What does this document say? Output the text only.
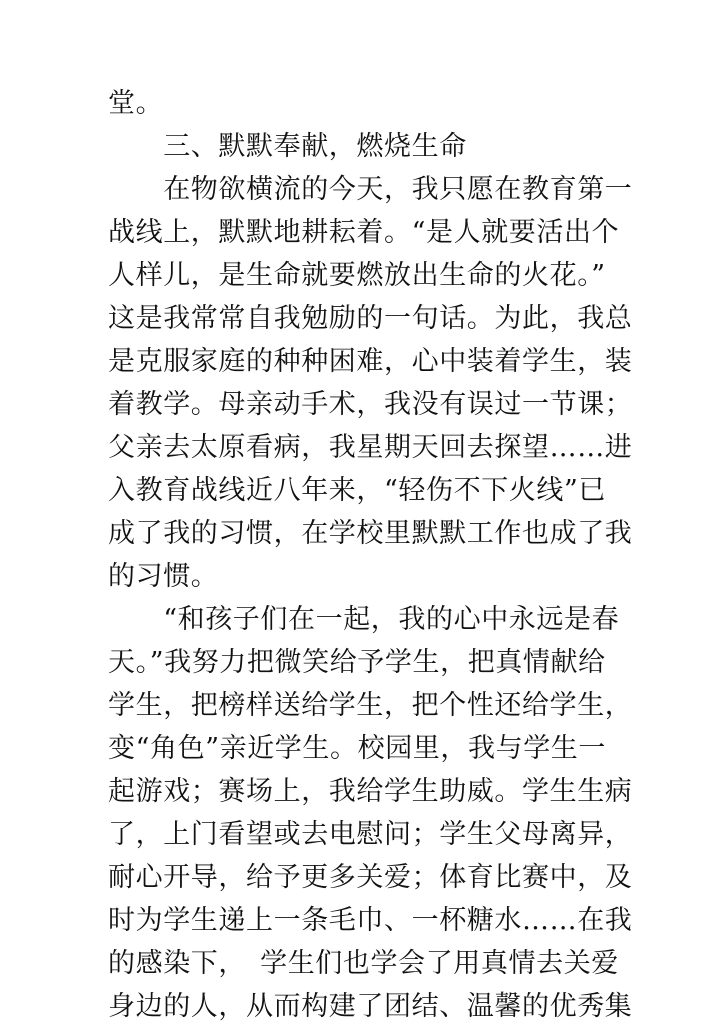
堂。
　　三、默默奉献，燃烧生命
　　在物欲横流的今天，我只愿在教育第一
战线上，默默地耕耘着。“是人就要活出个
人样儿，是生命就要燃放出生命的火花。”
这是我常常自我勉励的一句话。为此，我总
是克服家庭的种种困难，心中装着学生，装
着教学。母亲动手术，我没有误过一节课；
父亲去太原看病，我星期天回去探望……进
入教育战线近八年来，“轻伤不下火线”已
成了我的习惯，在学校里默默工作也成了我
的习惯。
　　“和孩子们在一起，我的心中永远是春
天。”我努力把微笑给予学生，把真情献给
学生，把榜样送给学生，把个性还给学生，
变“角色”亲近学生。校园里，我与学生一
起游戏；赛场上，我给学生助威。学生生病
了，上门看望或去电慰问；学生父母离异，
耐心开导，给予更多关爱；体育比赛中，及
时为学生递上一条毛巾、一杯糖水……在我
的感染下，　学生们也学会了用真情去关爱
身边的人，从而构建了团结、温馨的优秀集
